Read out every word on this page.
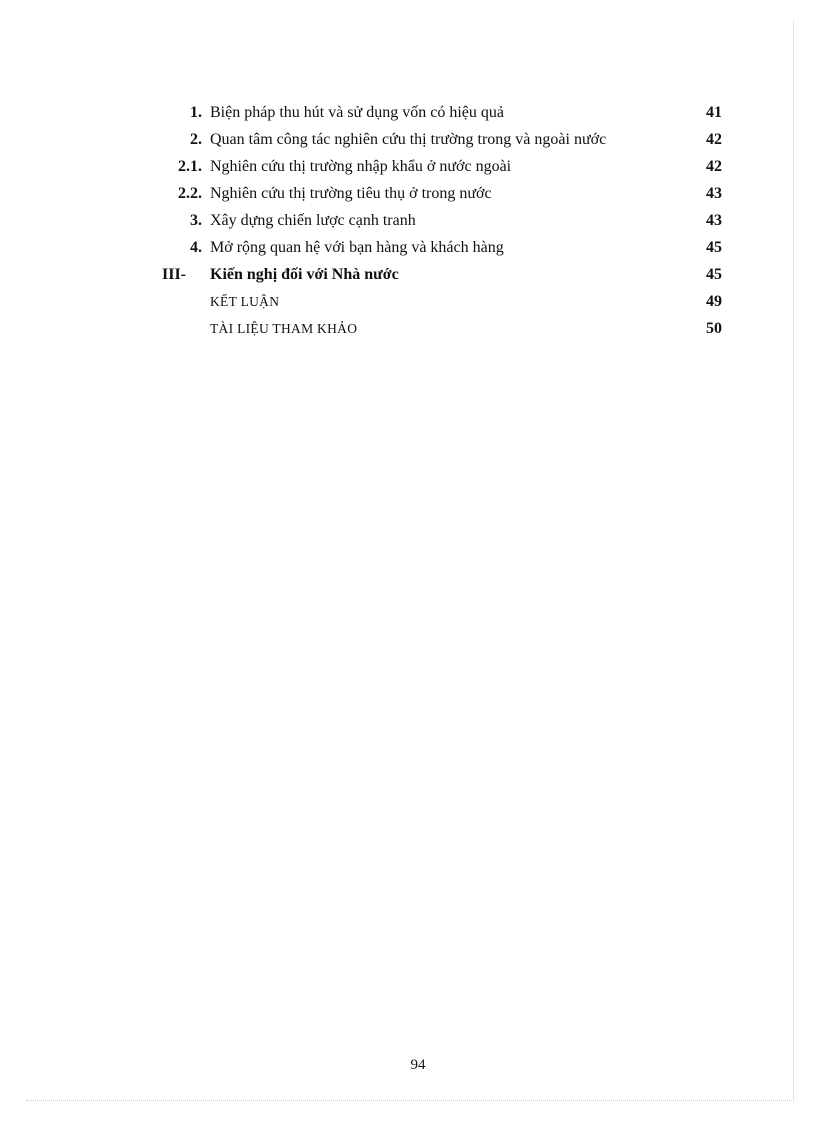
1. Biện pháp thu hút và sử dụng vốn có hiệu quả	41
2. Quan tâm công tác nghiên cứu thị trường trong và ngoài nước	42
2.1. Nghiên cứu thị trường nhập khẩu ở nước ngoài	42
2.2. Nghiên cứu thị trường tiêu thụ ở trong nước	43
3. Xây dựng chiến lược cạnh tranh	43
4. Mở rộng quan hệ với bạn hàng và khách hàng	45
III-	Kiến nghị đối với Nhà nước	45
KẾT LUẬN	49
TÀI LIỆU THAM KHẢO	50
94
